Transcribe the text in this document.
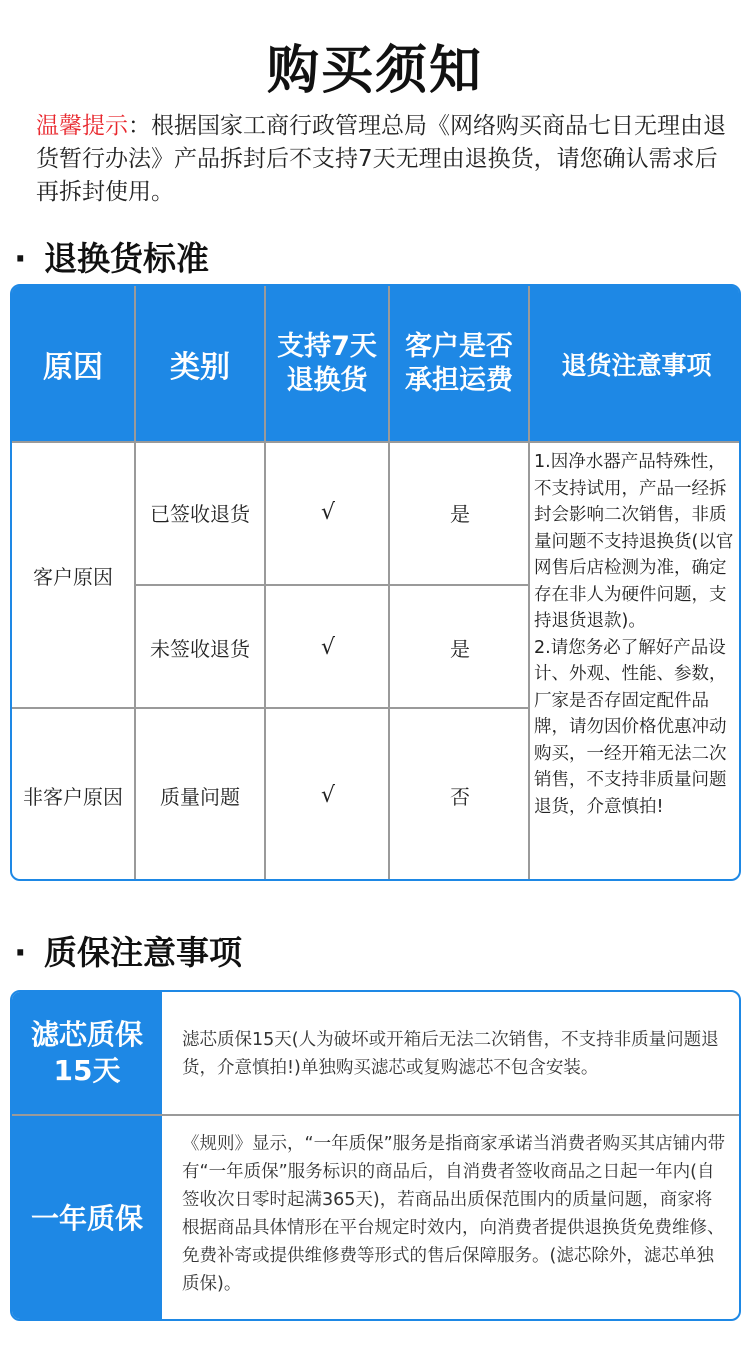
购买须知
温馨提示：根据国家工商行政管理总局《网络购买商品七日无理由退货暂行办法》产品拆封后不支持7天无理由退换货，请您确认需求后再拆封使用。
· 退换货标准
原因	类别
支持7天退换货
客户是否承担运费	退货注意事项
客户原因
非客户原因
已签收退货
未签收退货
质量问题
√
√
√
是
是
否
1.因净水器产品特殊性，不支持试用，产品一经拆封会影响二次销售，非质量问题不支持退换货(以官网售后店检测为准，确定存在非人为硬件问题，支持退货退款)。
2.请您务必了解好产品设计、外观、性能、参数，厂家是否存固定配件品牌，请勿因价格优惠冲动购买，一经开箱无法二次销售，不支持非质量问题退货，介意慎拍!
· 质保注意事项
滤芯质保15天
滤芯质保15天(人为破坏或开箱后无法二次销售，不支持非质量问题退货，介意慎拍!)单独购买滤芯或复购滤芯不包含安装。
一年质保
《规则》显示，“一年质保”服务是指商家承诺当消费者购买其店铺内带有“一年质保”服务标识的商品后，自消费者签收商品之日起一年内(自签收次日零时起满365天)，若商品出质保范围内的质量问题，商家将根据商品具体情形在平台规定时效内，向消费者提供退换货免费维修、免费补寄或提供维修费等形式的售后保障服务。(滤芯除外，滤芯单独质保)。
